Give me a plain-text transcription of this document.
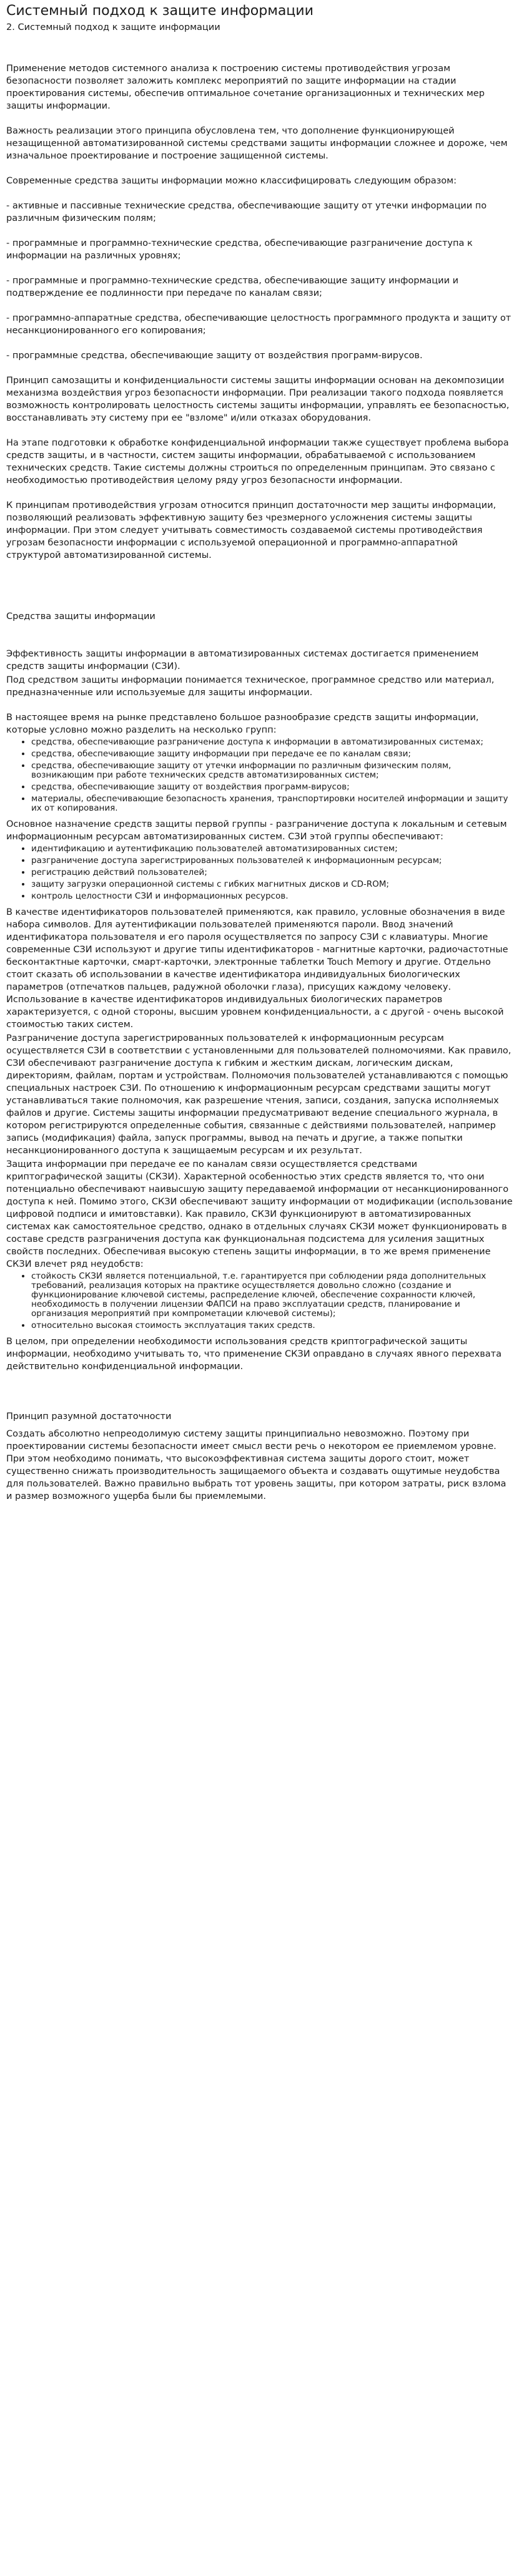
Системный подход к защите информации
2. Системный подход к защите информации

Применение методов системного анализа к построению системы противодействия угрозам безопасности позволяет заложить комплекс мероприятий по защите информации на стадии проектирования системы, обеспечив оптимальное сочетание организационных и технических мер защиты информации.

Важность реализации этого принципа обусловлена тем, что дополнение функционирующей незащищенной автоматизированной системы средствами защиты информации сложнее и дороже, чем изначальное проектирование и построение защищенной системы.

Современные средства защиты информации можно классифицировать следующим образом:

- активные и пассивные технические средства, обеспечивающие защиту от утечки информации по различным физическим полям;

- программные и программно-технические средства, обеспечивающие разграничение доступа к информации на различных уровнях;

- программные и программно-технические средства, обеспечивающие защиту информации и подтверждение ее подлинности при передаче по каналам связи;

- программно-аппаратные средства, обеспечивающие целостность программного продукта и защиту от несанкционированного его копирования;

- программные средства, обеспечивающие защиту от воздействия программ-вирусов.

Принцип самозащиты и конфиденциальности системы защиты информации основан на декомпозиции механизма воздействия угроз безопасности информации. При реализации такого подхода появляется возможность контролировать целостность системы защиты информации, управлять ее безопасностью, восстанавливать эту систему при ее "взломе" и/или отказах оборудования.

На этапе подготовки к обработке конфиденциальной информации также существует проблема выбора средств защиты, и в частности, систем защиты информации, обрабатываемой с использованием технических средств. Такие системы должны строиться по определенным принципам. Это связано с необходимостью противодействия целому ряду угроз безопасности информации.

К принципам противодействия угрозам относится принцип достаточности мер защиты информации, позволяющий реализовать эффективную защиту без чрезмерного усложнения системы защиты информации. При этом следует учитывать совместимость создаваемой системы противодействия угрозам безопасности информации с используемой операционной и программно-аппаратной структурой автоматизированной системы.

Средства защиты информации

Эффективность защиты информации в автоматизированных системах достигается применением средств защиты информации (СЗИ).

Под средством защиты информации понимается техническое, программное средство или материал, предназначенные или используемые для защиты информации.

В настоящее время на рынке представлено большое разнообразие средств защиты информации, которые условно можно разделить на несколько групп:

• средства, обеспечивающие разграничение доступа к информации в автоматизированных системах;
• средства, обеспечивающие защиту информации при передаче ее по каналам связи;
• средства, обеспечивающие защиту от утечки информации по различным физическим полям, возникающим при работе технических средств автоматизированных систем;
• средства, обеспечивающие защиту от воздействия программ-вирусов;
• материалы, обеспечивающие безопасность хранения, транспортировки носителей информации и защиту их от копирования.

Основное назначение средств защиты первой группы - разграничение доступа к локальным и сетевым информационным ресурсам автоматизированных систем. СЗИ этой группы обеспечивают:

• идентификацию и аутентификацию пользователей автоматизированных систем;
• разграничение доступа зарегистрированных пользователей к информационным ресурсам;
• регистрацию действий пользователей;
• защиту загрузки операционной системы с гибких магнитных дисков и CD-ROM;
• контроль целостности СЗИ и информационных ресурсов.

В качестве идентификаторов пользователей применяются, как правило, условные обозначения в виде набора символов. Для аутентификации пользователей применяются пароли. Ввод значений идентификатора пользователя и его пароля осуществляется по запросу СЗИ с клавиатуры. Многие современные СЗИ используют и другие типы идентификаторов - магнитные карточки, радиочастотные бесконтактные карточки, смарт-карточки, электронные таблетки Touch Memory и другие. Отдельно стоит сказать об использовании в качестве идентификатора индивидуальных биологических параметров (отпечатков пальцев, радужной оболочки глаза), присущих каждому человеку. Использование в качестве идентификаторов индивидуальных биологических параметров характеризуется, с одной стороны, высшим уровнем конфиденциальности, а с другой - очень высокой стоимостью таких систем.

Разграничение доступа зарегистрированных пользователей к информационным ресурсам осуществляется СЗИ в соответствии с установленными для пользователей полномочиями. Как правило, СЗИ обеспечивают разграничение доступа к гибким и жестким дискам, логическим дискам, директориям, файлам, портам и устройствам. Полномочия пользователей устанавливаются с помощью специальных настроек СЗИ. По отношению к информационным ресурсам средствами защиты могут устанавливаться такие полномочия, как разрешение чтения, записи, создания, запуска исполняемых файлов и другие. Системы защиты информации предусматривают ведение специального журнала, в котором регистрируются определенные события, связанные с действиями пользователей, например запись (модификация) файла, запуск программы, вывод на печать и другие, а также попытки несанкционированного доступа к защищаемым ресурсам и их результат.

Защита информации при передаче ее по каналам связи осуществляется средствами криптографической защиты (СКЗИ). Характерной особенностью этих средств является то, что они потенциально обеспечивают наивысшую защиту передаваемой информации от несанкционированного доступа к ней. Помимо этого, СКЗИ обеспечивают защиту информации от модификации (использование цифровой подписи и имитовставки). Как правило, СКЗИ функционируют в автоматизированных системах как самостоятельное средство, однако в отдельных случаях СКЗИ может функционировать в составе средств разграничения доступа как функциональная подсистема для усиления защитных свойств последних. Обеспечивая высокую степень защиты информации, в то же время применение СКЗИ влечет ряд неудобств:

• стойкость СКЗИ является потенциальной, т.е. гарантируется при соблюдении ряда дополнительных требований, реализация которых на практике осуществляется довольно сложно (создание и функционирование ключевой системы, распределение ключей, обеспечение сохранности ключей, необходимость в получении лицензии ФАПСИ на право эксплуатации средств, планирование и организация мероприятий при компрометации ключевой системы);
• относительно высокая стоимость эксплуатация таких средств.

В целом, при определении необходимости использования средств криптографической защиты информации, необходимо учитывать то, что применение СКЗИ оправдано в случаях явного перехвата действительно конфиденциальной информации.

Принцип разумной достаточности

Создать абсолютно непреодолимую систему защиты принципиально невозможно. Поэтому при проектировании системы безопасности имеет смысл вести речь о некотором ее приемлемом уровне. При этом необходимо понимать, что высокоэффективная система защиты дорого стоит, может существенно снижать производительность защищаемого объекта и создавать ощутимые неудобства для пользователей. Важно правильно выбрать тот уровень защиты, при котором затраты, риск взлома и размер возможного ущерба были бы приемлемыми.
